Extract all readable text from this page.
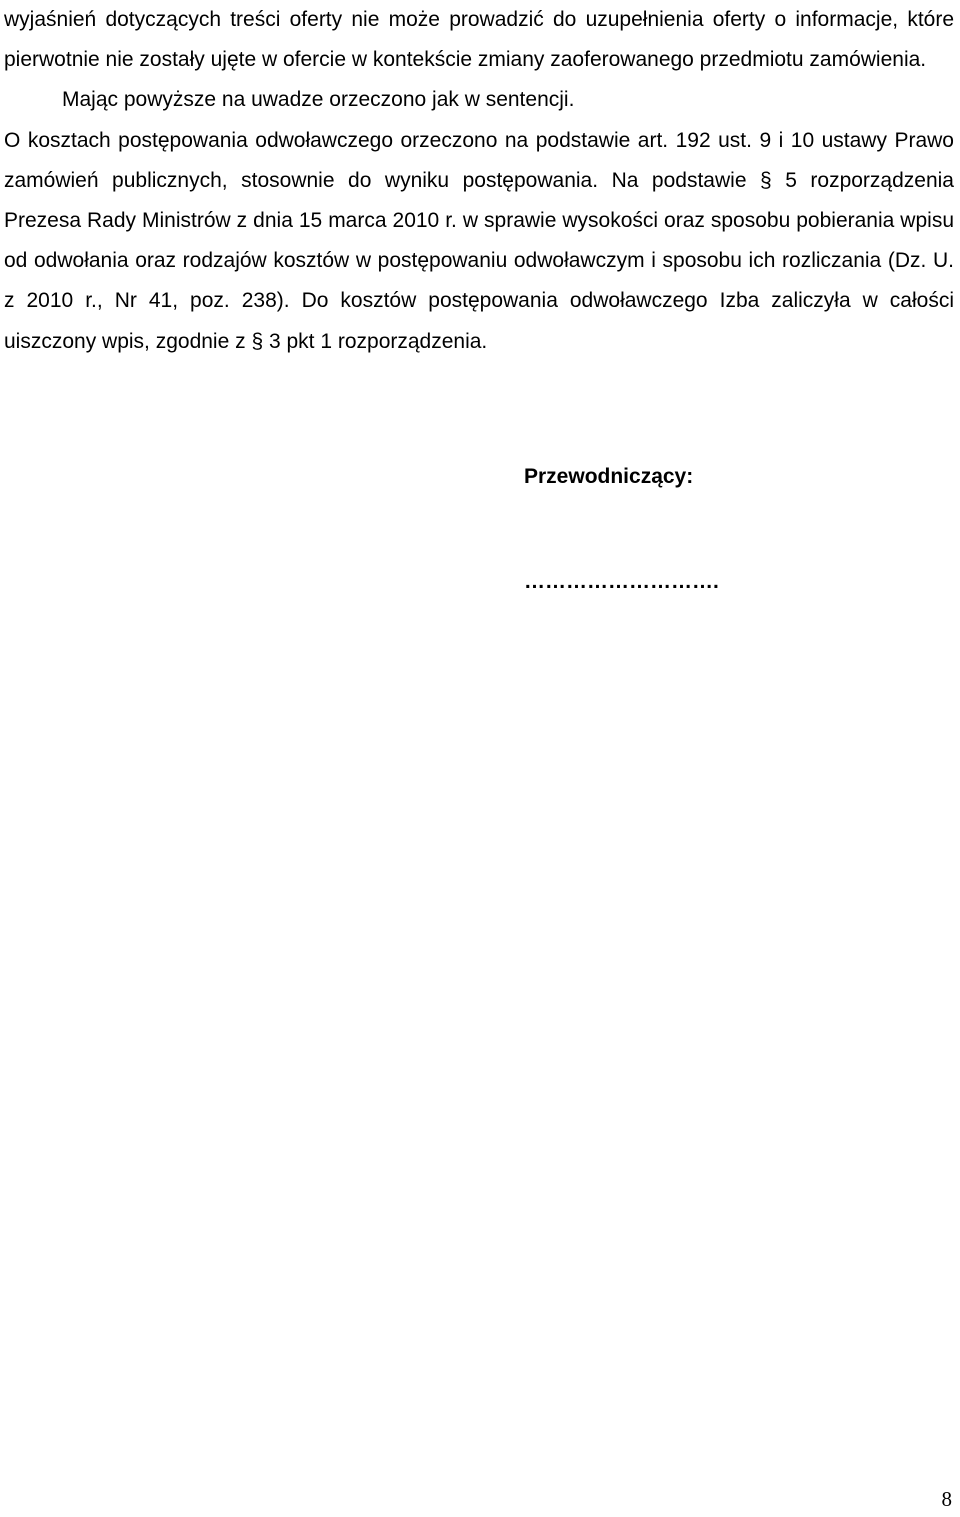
wyjaśnień dotyczących treści oferty nie może prowadzić do uzupełnienia oferty o informacje, które pierwotnie nie zostały ujęte w ofercie w kontekście zmiany zaoferowanego przedmiotu zamówienia.

Mając powyższe na uwadze orzeczono jak w sentencji.

O kosztach postępowania odwoławczego orzeczono na podstawie art. 192 ust. 9 i 10 ustawy Prawo zamówień publicznych, stosownie do wyniku postępowania. Na podstawie § 5 rozporządzenia Prezesa Rady Ministrów z dnia 15 marca 2010 r. w sprawie wysokości oraz sposobu pobierania wpisu od odwołania oraz rodzajów kosztów w postępowaniu odwoławczym i sposobu ich rozliczania (Dz. U. z 2010 r., Nr 41, poz. 238). Do kosztów postępowania odwoławczego Izba zaliczyła w całości uiszczony wpis, zgodnie z § 3 pkt 1 rozporządzenia.

Przewodniczący:
……………………….
8
